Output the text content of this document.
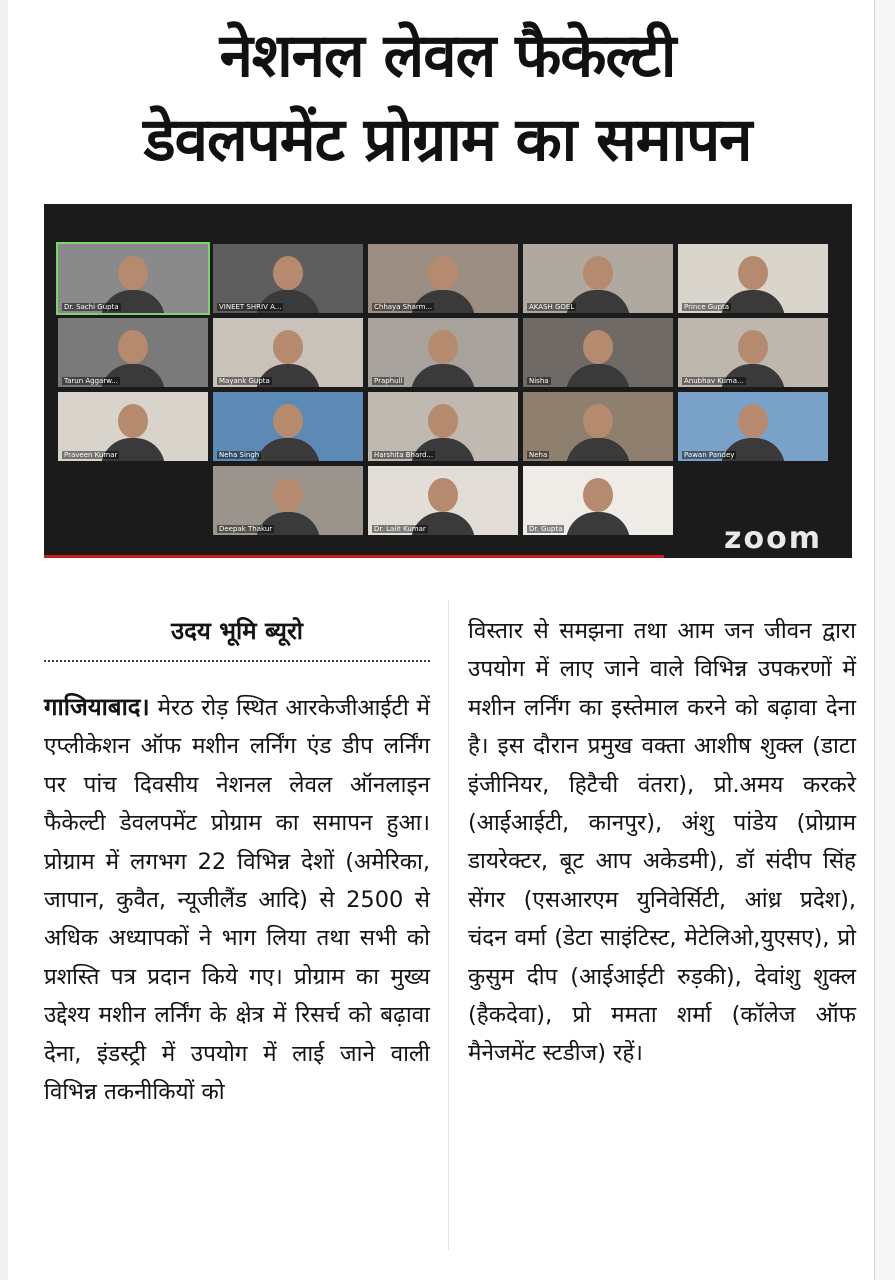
नेशनल लेवल फैकेल्टी
डेवलपमेंट प्रोग्राम का समापन
Dr. Sachi Gupta	VINEET SHRIV A...	Chhaya Sharm...	AKASH GOEL	Prince Gupta
Tarun Aggarw...	Mayank Gupta	Praphull	Nisha	Anubhav Kuma...
Praveen Kumar	Neha Singh	Harshita Bhard...	Neha	Pawan Pandey
Deepak Thakur	Dr. Lalit Kumar	Dr. Gupta	zoom
उदय भूमि ब्यूरो
गाजियाबाद। मेरठ रोड़ स्थित आरकेजीआईटी में एप्लीकेशन ऑफ मशीन लर्निंग एंड डीप लर्निंग पर पांच दिवसीय नेशनल लेवल ऑनलाइन फैकेल्टी डेवलपमेंट प्रोग्राम का समापन हुआ। प्रोग्राम में लगभग 22 विभिन्न देशों (अमेरिका, जापान, कुवैत, न्यूजीलैंड आदि) से 2500 से अधिक अध्यापकों ने भाग लिया तथा सभी को प्रशस्ति पत्र प्रदान किये गए। प्रोग्राम का मुख्य उद्देश्य मशीन लर्निंग के क्षेत्र में रिसर्च को बढ़ावा देना, इंडस्ट्री में उपयोग में लाई जाने वाली विभिन्न तकनीकियों को
विस्तार से समझना तथा आम जन जीवन द्वारा उपयोग में लाए जाने वाले विभिन्न उपकरणों में मशीन लर्निंग का इस्तेमाल करने को बढ़ावा देना है। इस दौरान प्रमुख वक्ता आशीष शुक्ल (डाटा इंजीनियर, हिटैची वंतरा), प्रो.अमय करकरे (आईआईटी, कानपुर), अंशु पांडेय (प्रोग्राम डायरेक्टर, बूट आप अकेडमी), डॉ संदीप सिंह सेंगर (एसआरएम युनिवेर्सिटी, आंध्र प्रदेश), चंदन वर्मा (डेटा साइंटिस्ट, मेटेलिओ,युएसए), प्रो कुसुम दीप (आईआईटी रुड़की), देवांशु शुक्ल (हैकदेवा), प्रो ममता शर्मा (कॉलेज ऑफ मैनेजमेंट स्टडीज) रहें।
